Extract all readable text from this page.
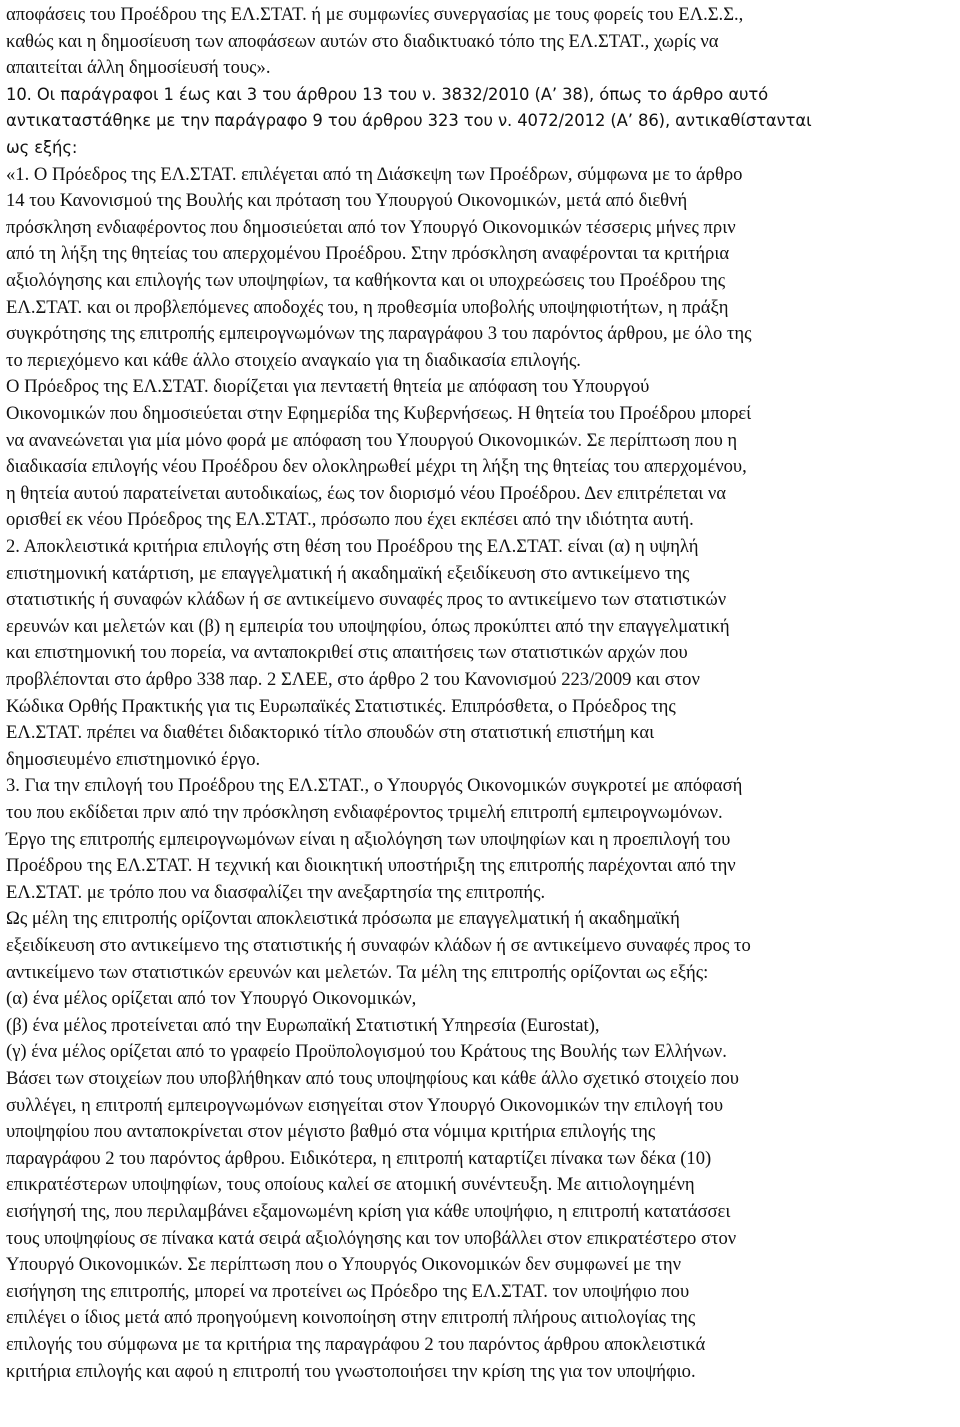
αποφάσεις του Προέδρου της ΕΛ.ΣΤΑΤ. ή με συμφωνίες συνεργασίας με τους φορείς του ΕΛ.Σ.Σ.,
καθώς και η δημοσίευση των αποφάσεων αυτών στο διαδικτυακό τόπο της ΕΛ.ΣΤΑΤ., χωρίς να
απαιτείται άλλη δημοσίευσή τους».
10. Οι παράγραφοι 1 έως και 3 του άρθρου 13 του ν. 3832/2010 (Α’ 38), όπως το άρθρο αυτό
αντικαταστάθηκε με την παράγραφο 9 του άρθρου 323 του ν. 4072/2012 (Α’ 86), αντικαθίστανται
ως εξής:
«1. Ο Πρόεδρος της ΕΛ.ΣΤΑΤ. επιλέγεται από τη Διάσκεψη των Προέδρων, σύμφωνα με το άρθρο
14 του Κανονισμού της Βουλής και πρόταση του Υπουργού Οικονομικών, μετά από διεθνή
πρόσκληση ενδιαφέροντος που δημοσιεύεται από τον Υπουργό Οικονομικών τέσσερις μήνες πριν
από τη λήξη της θητείας του απερχομένου Προέδρου. Στην πρόσκληση αναφέρονται τα κριτήρια
αξιολόγησης και επιλογής των υποψηφίων, τα καθήκοντα και οι υποχρεώσεις του Προέδρου της
ΕΛ.ΣΤΑΤ. και οι προβλεπόμενες αποδοχές του, η προθεσμία υποβολής υποψηφιοτήτων, η πράξη
συγκρότησης της επιτροπής εμπειρογνωμόνων της παραγράφου 3 του παρόντος άρθρου, με όλο της
το περιεχόμενο και κάθε άλλο στοιχείο αναγκαίο για τη διαδικασία επιλογής.
Ο Πρόεδρος της ΕΛ.ΣΤΑΤ. διορίζεται για πενταετή θητεία με απόφαση του Υπουργού
Οικονομικών που δημοσιεύεται στην Εφημερίδα της Κυβερνήσεως. Η θητεία του Προέδρου μπορεί
να ανανεώνεται για μία μόνο φορά με απόφαση του Υπουργού Οικονομικών. Σε περίπτωση που η
διαδικασία επιλογής νέου Προέδρου δεν ολοκληρωθεί μέχρι τη λήξη της θητείας του απερχομένου,
η θητεία αυτού παρατείνεται αυτοδικαίως, έως τον διορισμό νέου Προέδρου. Δεν επιτρέπεται να
ορισθεί εκ νέου Πρόεδρος της ΕΛ.ΣΤΑΤ., πρόσωπο που έχει εκπέσει από την ιδιότητα αυτή.
2. Αποκλειστικά κριτήρια επιλογής στη θέση του Προέδρου της ΕΛ.ΣΤΑΤ. είναι (α) η υψηλή
επιστημονική κατάρτιση, με επαγγελματική ή ακαδημαϊκή εξειδίκευση στο αντικείμενο της
στατιστικής ή συναφών κλάδων ή σε αντικείμενο συναφές προς το αντικείμενο των στατιστικών
ερευνών και μελετών και (β) η εμπειρία του υποψηφίου, όπως προκύπτει από την επαγγελματική
και επιστημονική του πορεία, να ανταποκριθεί στις απαιτήσεις των στατιστικών αρχών που
προβλέπονται στο άρθρο 338 παρ. 2 ΣΛΕΕ, στο άρθρο 2 του Κανονισμού 223/2009 και στον
Κώδικα Ορθής Πρακτικής για τις Ευρωπαϊκές Στατιστικές. Επιπρόσθετα, ο Πρόεδρος της
ΕΛ.ΣΤΑΤ. πρέπει να διαθέτει διδακτορικό τίτλο σπουδών στη στατιστική επιστήμη και
δημοσιευμένο επιστημονικό έργο.
3. Για την επιλογή του Προέδρου της ΕΛ.ΣΤΑΤ., ο Υπουργός Οικονομικών συγκροτεί με απόφασή
του που εκδίδεται πριν από την πρόσκληση ενδιαφέροντος τριμελή επιτροπή εμπειρογνωμόνων.
Έργο της επιτροπής εμπειρογνωμόνων είναι η αξιολόγηση των υποψηφίων και η προεπιλογή του
Προέδρου της ΕΛ.ΣΤΑΤ. Η τεχνική και διοικητική υποστήριξη της επιτροπής παρέχονται από την
ΕΛ.ΣΤΑΤ. με τρόπο που να διασφαλίζει την ανεξαρτησία της επιτροπής.
Ως μέλη της επιτροπής ορίζονται αποκλειστικά πρόσωπα με επαγγελματική ή ακαδημαϊκή
εξειδίκευση στο αντικείμενο της στατιστικής ή συναφών κλάδων ή σε αντικείμενο συναφές προς το
αντικείμενο των στατιστικών ερευνών και μελετών. Τα μέλη της επιτροπής ορίζονται ως εξής:
(α) ένα μέλος ορίζεται από τον Υπουργό Οικονομικών,
(β) ένα μέλος προτείνεται από την Ευρωπαϊκή Στατιστική Υπηρεσία (Eurostat),
(γ) ένα μέλος ορίζεται από το γραφείο Προϋπολογισμού του Κράτους της Βουλής των Ελλήνων.
Βάσει των στοιχείων που υποβλήθηκαν από τους υποψηφίους και κάθε άλλο σχετικό στοιχείο που
συλλέγει, η επιτροπή εμπειρογνωμόνων εισηγείται στον Υπουργό Οικονομικών την επιλογή του
υποψηφίου που ανταποκρίνεται στον μέγιστο βαθμό στα νόμιμα κριτήρια επιλογής της
παραγράφου 2 του παρόντος άρθρου. Ειδικότερα, η επιτροπή καταρτίζει πίνακα των δέκα (10)
επικρατέστερων υποψηφίων, τους οποίους καλεί σε ατομική συνέντευξη. Με αιτιολογημένη
εισήγησή της, που περιλαμβάνει εξαμονωμένη κρίση για κάθε υποψήφιο, η επιτροπή κατατάσσει
τους υποψηφίους σε πίνακα κατά σειρά αξιολόγησης και τον υποβάλλει στον επικρατέστερο στον
Υπουργό Οικονομικών. Σε περίπτωση που ο Υπουργός Οικονομικών δεν συμφωνεί με την
εισήγηση της επιτροπής, μπορεί να προτείνει ως Πρόεδρο της ΕΛ.ΣΤΑΤ. τον υποψήφιο που
επιλέγει ο ίδιος μετά από προηγούμενη κοινοποίηση στην επιτροπή πλήρους αιτιολογίας της
επιλογής του σύμφωνα με τα κριτήρια της παραγράφου 2 του παρόντος άρθρου αποκλειστικά
κριτήρια επιλογής και αφού η επιτροπή του γνωστοποιήσει την κρίση της για τον υποψήφιο.
